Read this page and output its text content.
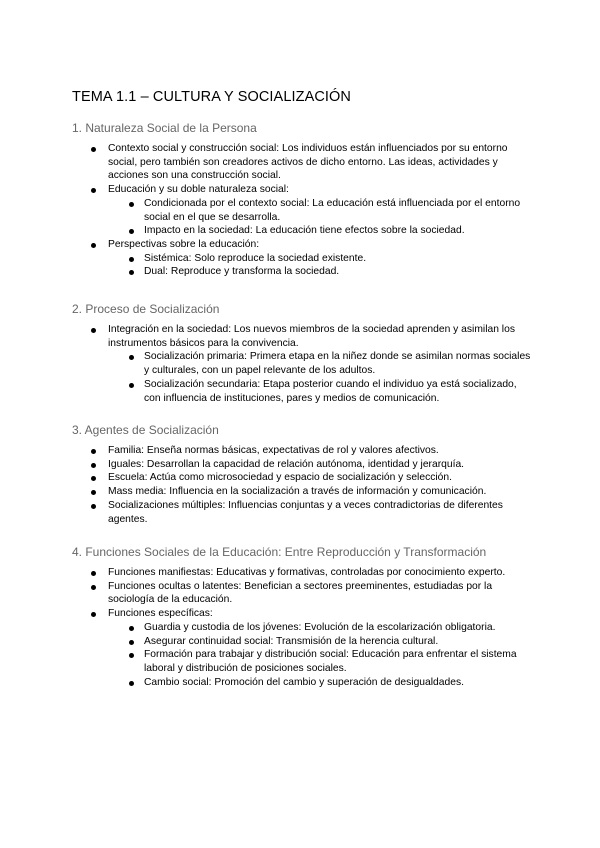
TEMA 1.1 – CULTURA Y SOCIALIZACIÓN
1. Naturaleza Social de la Persona
Contexto social y construcción social: Los individuos están influenciados por su entorno social, pero también son creadores activos de dicho entorno. Las ideas, actividades y acciones son una construcción social.
Educación y su doble naturaleza social:
Condicionada por el contexto social: La educación está influenciada por el entorno social en el que se desarrolla.
Impacto en la sociedad: La educación tiene efectos sobre la sociedad.
Perspectivas sobre la educación:
Sistémica: Solo reproduce la sociedad existente.
Dual: Reproduce y transforma la sociedad.
2. Proceso de Socialización
Integración en la sociedad: Los nuevos miembros de la sociedad aprenden y asimilan los instrumentos básicos para la convivencia.
Socialización primaria: Primera etapa en la niñez donde se asimilan normas sociales y culturales, con un papel relevante de los adultos.
Socialización secundaria: Etapa posterior cuando el individuo ya está socializado, con influencia de instituciones, pares y medios de comunicación.
3. Agentes de Socialización
Familia: Enseña normas básicas, expectativas de rol y valores afectivos.
Iguales: Desarrollan la capacidad de relación autónoma, identidad y jerarquía.
Escuela: Actúa como microsociedad y espacio de socialización y selección.
Mass media: Influencia en la socialización a través de información y comunicación.
Socializaciones múltiples: Influencias conjuntas y a veces contradictorias de diferentes agentes.
4. Funciones Sociales de la Educación: Entre Reproducción y Transformación
Funciones manifiestas: Educativas y formativas, controladas por conocimiento experto.
Funciones ocultas o latentes: Benefician a sectores preeminentes, estudiadas por la sociología de la educación.
Funciones específicas:
Guardia y custodia de los jóvenes: Evolución de la escolarización obligatoria.
Asegurar continuidad social: Transmisión de la herencia cultural.
Formación para trabajar y distribución social: Educación para enfrentar el sistema laboral y distribución de posiciones sociales.
Cambio social: Promoción del cambio y superación de desigualdades.
